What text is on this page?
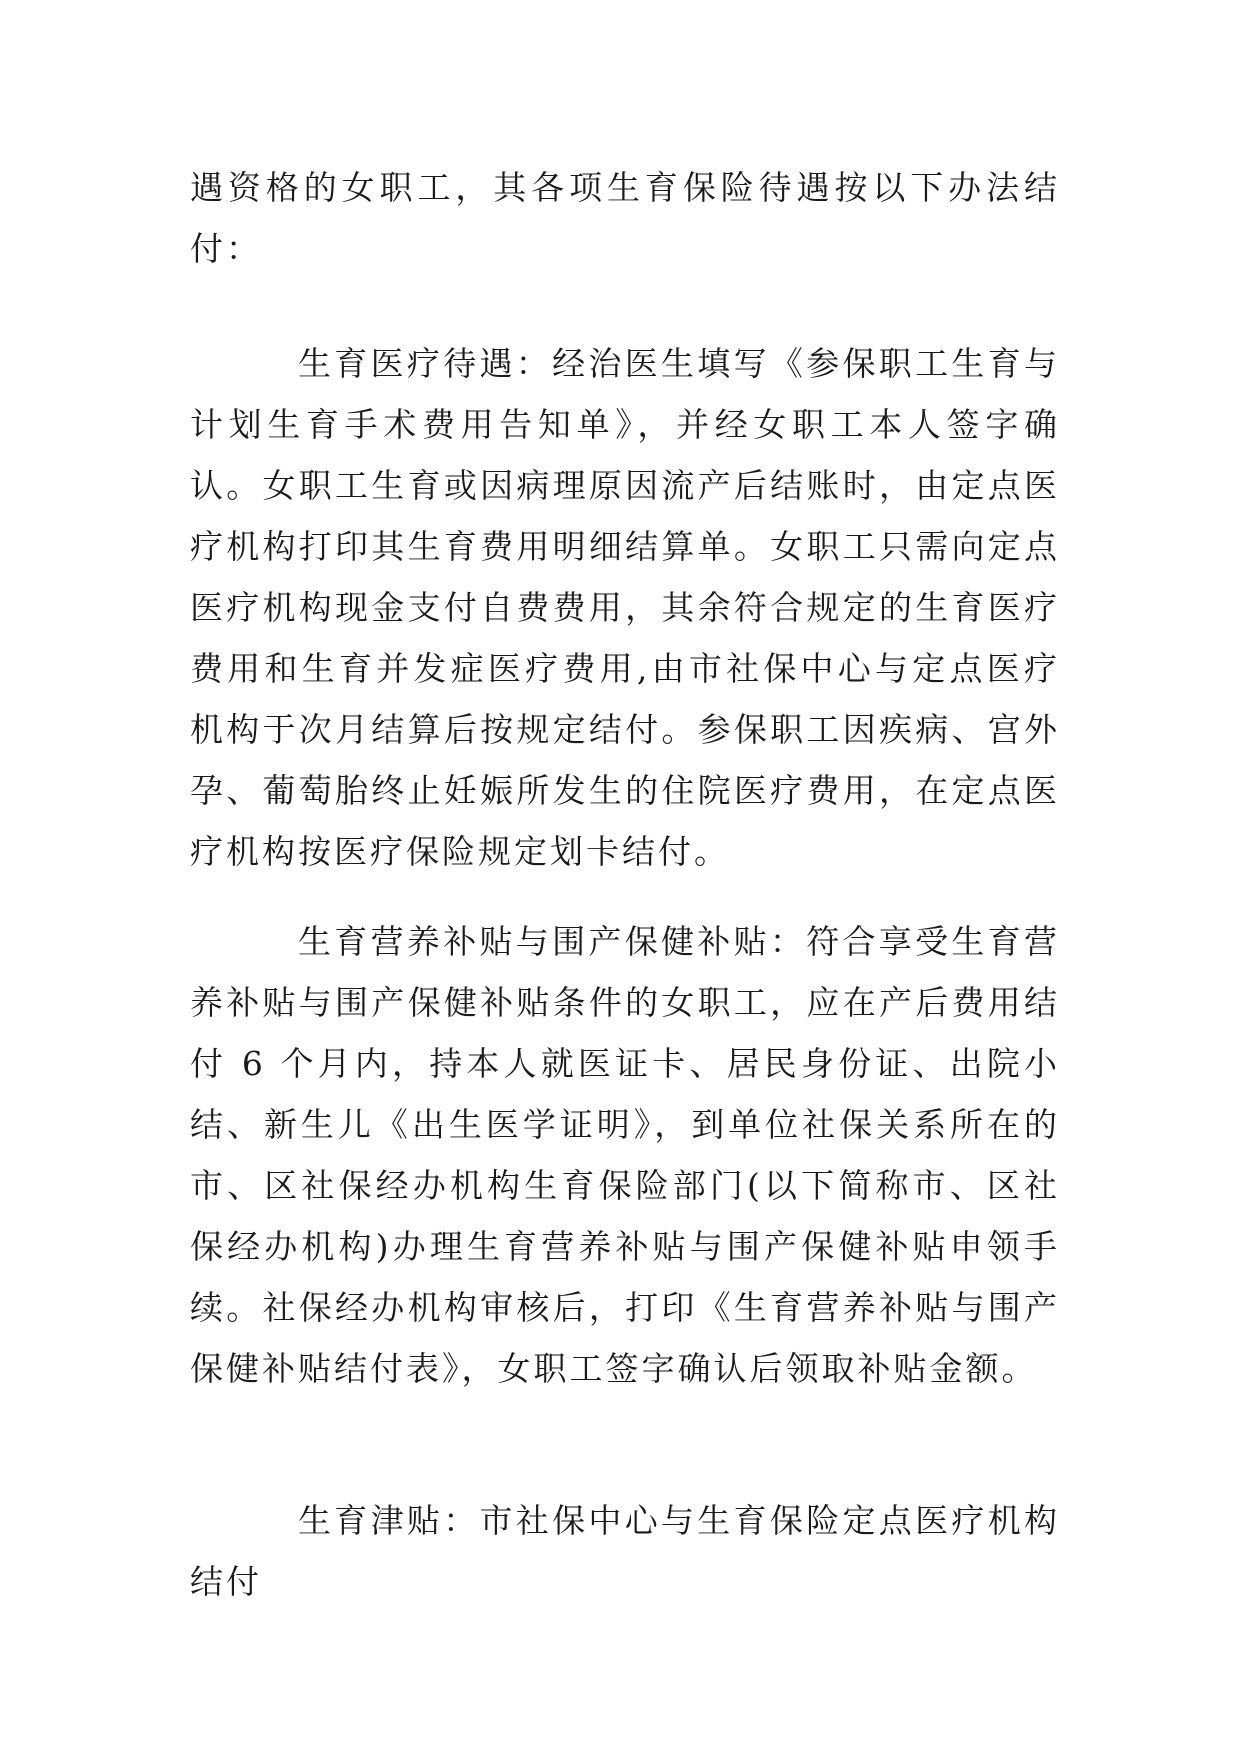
遇资格的女职工，其各项生育保险待遇按以下办法结付：

生育医疗待遇：经治医生填写《参保职工生育与计划生育手术费用告知单》，并经女职工本人签字确认。女职工生育或因病理原因流产后结账时，由定点医疗机构打印其生育费用明细结算单。女职工只需向定点医疗机构现金支付自费费用，其余符合规定的生育医疗费用和生育并发症医疗费用,由市社保中心与定点医疗机构于次月结算后按规定结付。参保职工因疾病、宫外孕、葡萄胎终止妊娠所发生的住院医疗费用，在定点医疗机构按医疗保险规定划卡结付。

生育营养补贴与围产保健补贴：符合享受生育营养补贴与围产保健补贴条件的女职工，应在产后费用结付 6 个月内，持本人就医证卡、居民身份证、出院小结、新生儿《出生医学证明》，到单位社保关系所在的市、区社保经办机构生育保险部门(以下简称市、区社保经办机构)办理生育营养补贴与围产保健补贴申领手续。社保经办机构审核后，打印《生育营养补贴与围产保健补贴结付表》，女职工签字确认后领取补贴金额。

生育津贴：市社保中心与生育保险定点医疗机构结付
